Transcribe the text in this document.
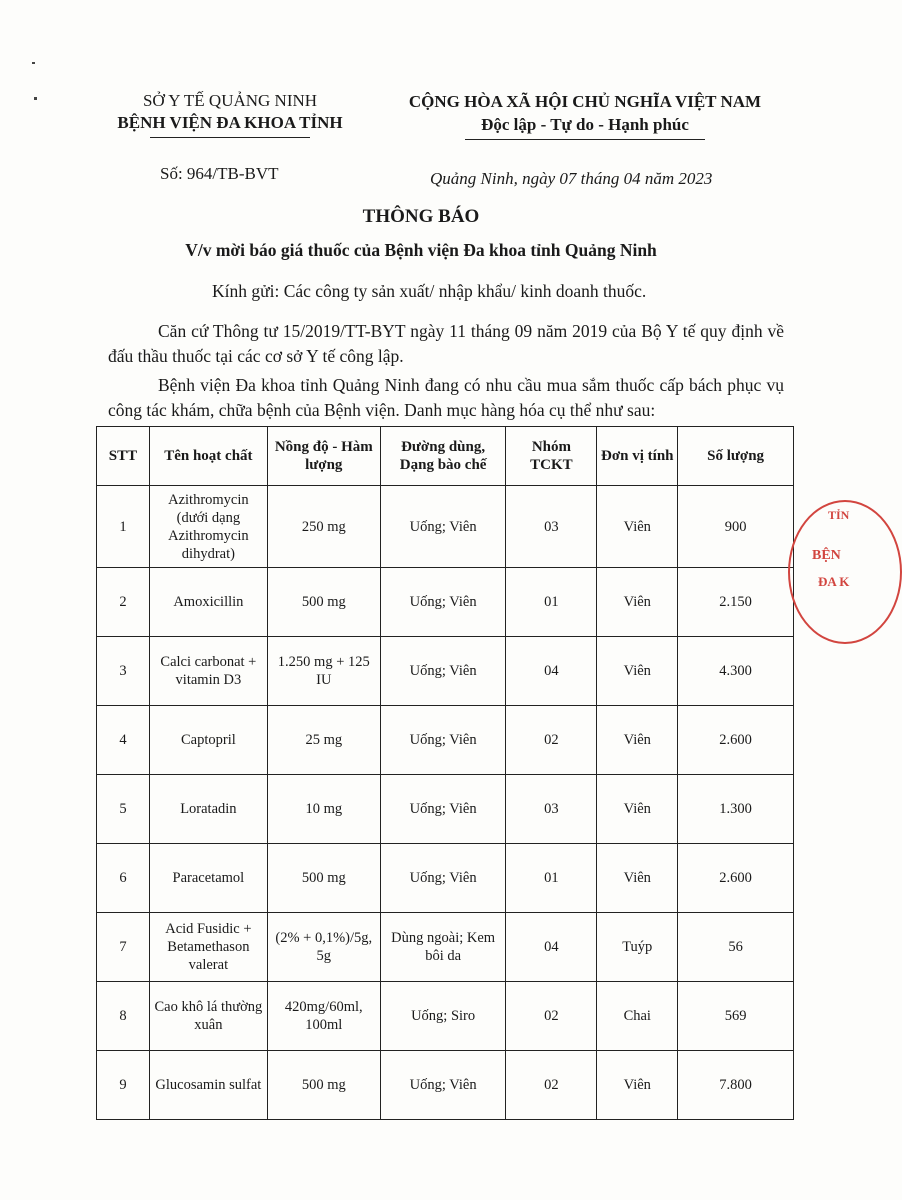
SỞ Y TẾ QUẢNG NINH
BỆNH VIỆN ĐA KHOA TỈNH
CỘNG HÒA XÃ HỘI CHỦ NGHĨA VIỆT NAM
Độc lập - Tự do - Hạnh phúc
Số: 964/TB-BVT	Quảng Ninh, ngày 07 tháng 04 năm 2023
THÔNG BÁO
V/v mời báo giá thuốc của Bệnh viện Đa khoa tỉnh Quảng Ninh
Kính gửi: Các công ty sản xuất/ nhập khẩu/ kinh doanh thuốc.
Căn cứ Thông tư 15/2019/TT-BYT ngày 11 tháng 09 năm 2019 của Bộ Y tế quy định về đấu thầu thuốc tại các cơ sở Y tế công lập.
Bệnh viện Đa khoa tỉnh Quảng Ninh đang có nhu cầu mua sắm thuốc cấp bách phục vụ công tác khám, chữa bệnh của Bệnh viện. Danh mục hàng hóa cụ thể như sau:
STT	Tên hoạt chất	Nồng độ - Hàm lượng	Đường dùng, Dạng bào chế	Nhóm TCKT	Đơn vị tính	Số lượng
1	Azithromycin (dưới dạng Azithromycin dihydrat)	250 mg	Uống; Viên	03	Viên	900
2	Amoxicillin	500 mg	Uống; Viên	01	Viên	2.150
3	Calci carbonat + vitamin D3	1.250 mg + 125 IU	Uống; Viên	04	Viên	4.300
4	Captopril	25 mg	Uống; Viên	02	Viên	2.600
5	Loratadin	10 mg	Uống; Viên	03	Viên	1.300
6	Paracetamol	500 mg	Uống; Viên	01	Viên	2.600
7	Acid Fusidic + Betamethason valerat	(2% + 0,1%)/5g, 5g	Dùng ngoài; Kem bôi da	04	Tuýp	56
8	Cao khô lá thường xuân	420mg/60ml, 100ml	Uống; Siro	02	Chai	569
9	Glucosamin sulfat	500 mg	Uống; Viên	02	Viên	7.800
TỈN
BỆN
ĐA K
